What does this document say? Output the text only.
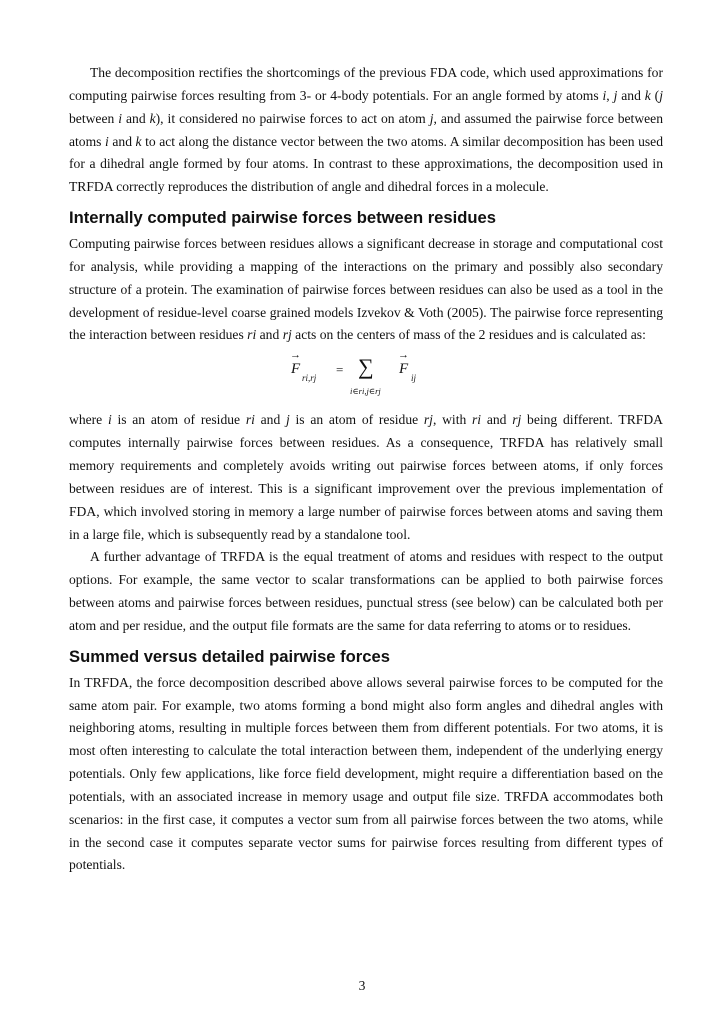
The decomposition rectifies the shortcomings of the previous FDA code, which used approximations for computing pairwise forces resulting from 3- or 4-body potentials. For an angle formed by atoms i, j and k (j between i and k), it considered no pairwise forces to act on atom j, and assumed the pairwise force between atoms i and k to act along the distance vector between the two atoms. A similar decomposition has been used for a dihedral angle formed by four atoms. In contrast to these approximations, the decomposition used in TRFDA correctly reproduces the distribution of angle and dihedral forces in a molecule.

Internally computed pairwise forces between residues

Computing pairwise forces between residues allows a significant decrease in storage and computational cost for analysis, while providing a mapping of the interactions on the primary and possibly also secondary structure of a protein. The examination of pairwise forces between residues can also be used as a tool in the development of residue-level coarse grained models Izvekov & Voth (2005). The pairwise force representing the interaction between residues ri and rj acts on the centers of mass of the 2 residues and is calculated as:

→
F
ri,rj
= ∑
i∈ri,j∈rj
→
F
ij

where i is an atom of residue ri and j is an atom of residue rj, with ri and rj being different. TRFDA computes internally pairwise forces between residues. As a consequence, TRFDA has relatively small memory requirements and completely avoids writing out pairwise forces between atoms, if only forces between residues are of interest. This is a significant improvement over the previous implementation of FDA, which involved storing in memory a large number of pairwise forces between atoms and saving them in a large file, which is subsequently read by a standalone tool.

A further advantage of TRFDA is the equal treatment of atoms and residues with respect to the output options. For example, the same vector to scalar transformations can be applied to both pairwise forces between atoms and pairwise forces between residues, punctual stress (see below) can be calculated both per atom and per residue, and the output file formats are the same for data referring to atoms or to residues.

Summed versus detailed pairwise forces

In TRFDA, the force decomposition described above allows several pairwise forces to be computed for the same atom pair. For example, two atoms forming a bond might also form angles and dihedral angles with neighboring atoms, resulting in multiple forces between them from different potentials. For two atoms, it is most often interesting to calculate the total interaction between them, independent of the underlying energy potentials. Only few applications, like force field development, might require a differentiation based on the potentials, with an associated increase in memory usage and output file size. TRFDA accommodates both scenarios: in the first case, it computes a vector sum from all pairwise forces between the two atoms, while in the second case it computes separate vector sums for pairwise forces resulting from different types of potentials.

3
